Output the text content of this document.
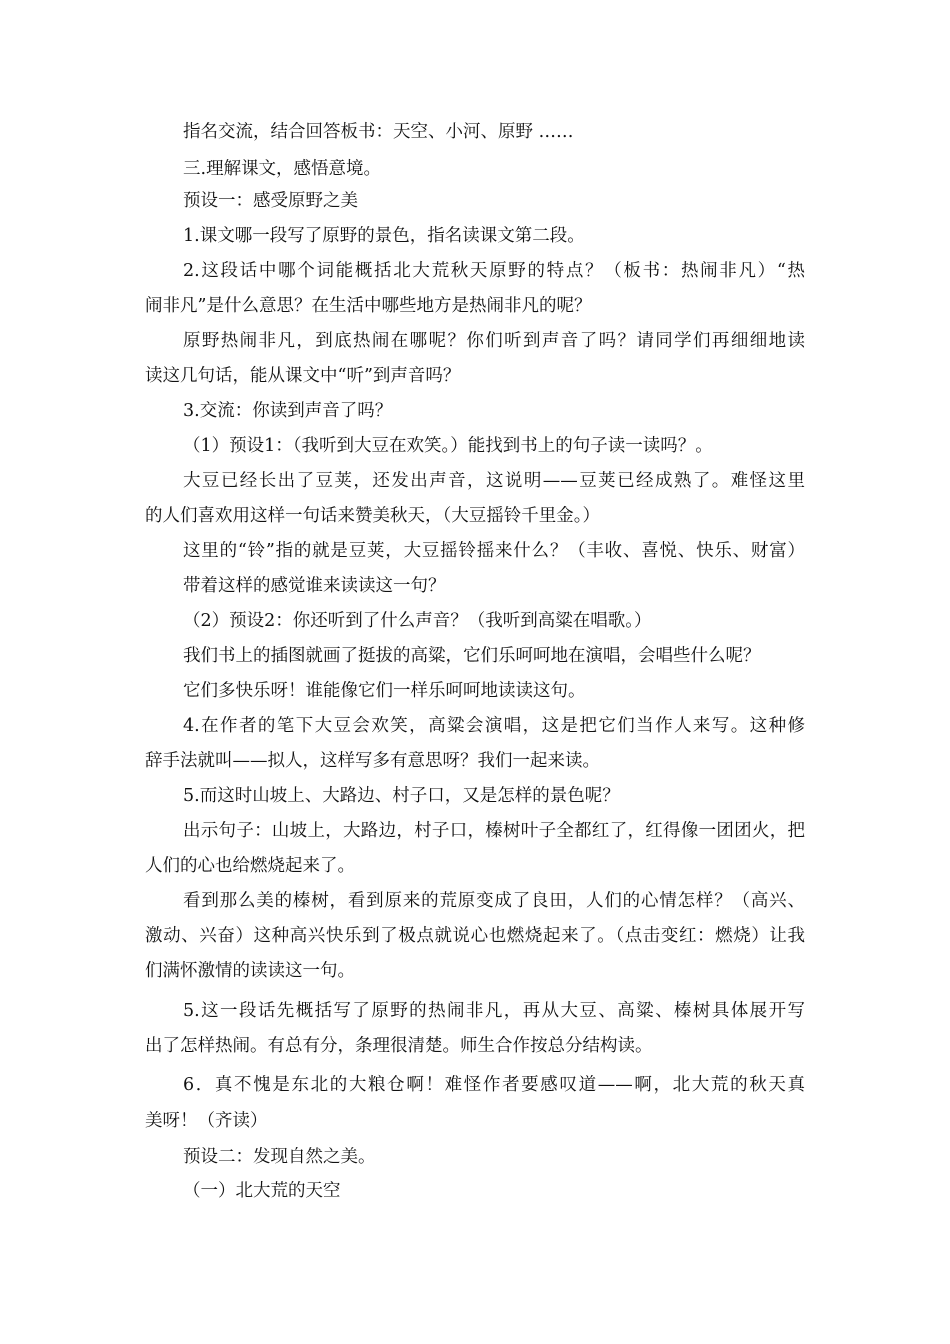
指名交流，结合回答板书：天空、小河、原野 ……
三.理解课文，感悟意境。
预设一：感受原野之美
1.课文哪一段写了原野的景色，指名读课文第二段。
2.这段话中哪个词能概括北大荒秋天原野的特点？（板书：热闹非凡）“热
闹非凡”是什么意思？在生活中哪些地方是热闹非凡的呢？
原野热闹非凡，到底热闹在哪呢？你们听到声音了吗？请同学们再细细地读
读这几句话，能从课文中“听”到声音吗？
3.交流：你读到声音了吗？
（1）预设1：（我听到大豆在欢笑。）能找到书上的句子读一读吗？。
大豆已经长出了豆荚，还发出声音，这说明——豆荚已经成熟了。难怪这里
的人们喜欢用这样一句话来赞美秋天，（大豆摇铃千里金。）
这里的“铃”指的就是豆荚，大豆摇铃摇来什么？（丰收、喜悦、快乐、财富）
带着这样的感觉谁来读读这一句？
（2）预设2：你还听到了什么声音？（我听到高粱在唱歌。）
我们书上的插图就画了挺拔的高粱，它们乐呵呵地在演唱，会唱些什么呢？
它们多快乐呀！谁能像它们一样乐呵呵地读读这句。
4.在作者的笔下大豆会欢笑，高粱会演唱，这是把它们当作人来写。这种修
辞手法就叫——拟人，这样写多有意思呀？我们一起来读。
5.而这时山坡上、大路边、村子口，又是怎样的景色呢？
出示句子：山坡上，大路边，村子口，榛树叶子全都红了，红得像一团团火，把
人们的心也给燃烧起来了。
看到那么美的榛树，看到原来的荒原变成了良田，人们的心情怎样？（高兴、
激动、兴奋）这种高兴快乐到了极点就说心也燃烧起来了。（点击变红：燃烧）让我
们满怀激情的读读这一句。
5.这一段话先概括写了原野的热闹非凡，再从大豆、高粱、榛树具体展开写
出了怎样热闹。有总有分，条理很清楚。师生合作按总分结构读。
6．真不愧是东北的大粮仓啊！难怪作者要感叹道——啊，北大荒的秋天真
美呀！（齐读）
预设二：发现自然之美。
（一）北大荒的天空
